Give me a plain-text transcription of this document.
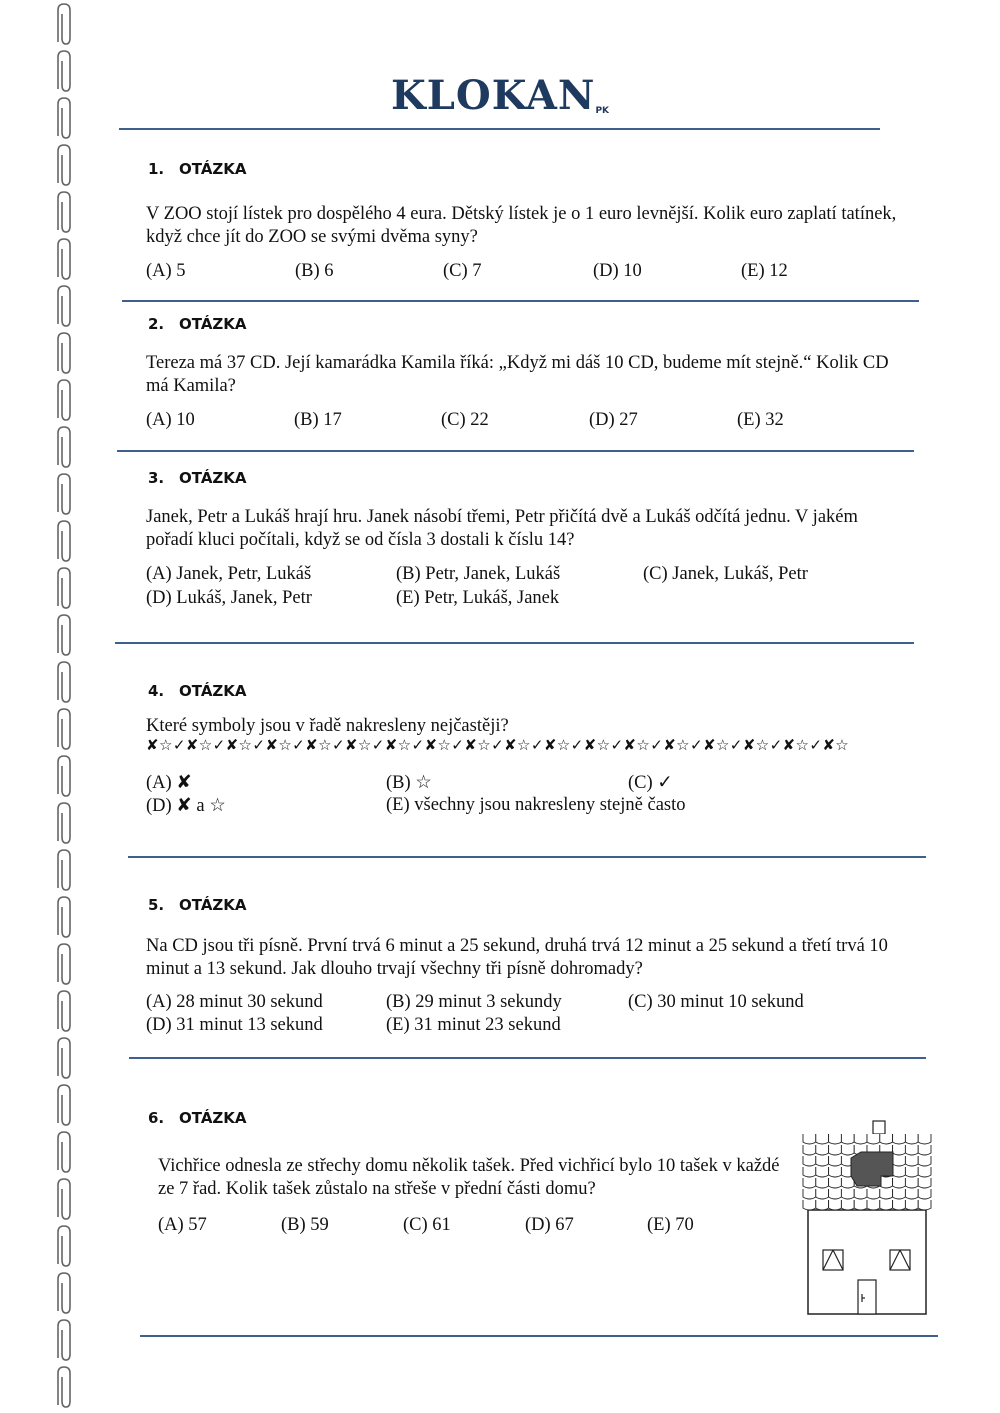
$KLOKAN_{PK}$
1. OTÁZKA

V ZOO stojí lístek pro dospělého 4 eura. Dětský lístek je o 1 euro levnější. Kolik euro zaplatí tatínek, když chce jít do ZOO se svými dvěma syny?

(A) 5	(B) 6	(C) 7	(D) 10	(E) 12
2. OTÁZKA

Tereza má 37 CD. Její kamarádka Kamila říká: „Když mi dáš 10 CD, budeme mít stejně.“ Kolik CD má Kamila?

(A) 10	(B) 17	(C) 22	(D) 27	(E) 32
3. OTÁZKA

Janek, Petr a Lukáš hrají hru. Janek násobí třemi, Petr přičítá dvě a Lukáš odčítá jednu. V jakém pořadí kluci počítali, když se od čísla 3 dostali k číslu 14?

(A) Janek, Petr, Lukáš	(B) Petr, Janek, Lukáš	(C) Janek, Lukáš, Petr
(D) Lukáš, Janek, Petr	(E) Petr, Lukáš, Janek
4. OTÁZKA

Které symboly jsou v řadě nakresleny nejčastěji?

✘☆✓✘☆✓✘☆✓✘☆✓✘☆✓✘☆✓✘☆✓✘☆✓✘☆✓✘☆✓✘☆✓✘☆✓✘☆✓✘☆✓✘☆✓✘☆✓✘☆✓✘☆
(A) ✘	(B) ☆	(C) ✓
(D) ✘ a ☆	(E) všechny jsou nakresleny stejně často
5. OTÁZKA

Na CD jsou tři písně. První trvá 6 minut a 25 sekund, druhá trvá 12 minut a 25 sekund a třetí trvá 10 minut a 13 sekund. Jak dlouho trvají všechny tři písně dohromady?

(A) 28 minut 30 sekund	(B) 29 minut 3 sekundy	(C) 30 minut 10 sekund
(D) 31 minut 13 sekund	(E) 31 minut 23 sekund
6. OTÁZKA

Vichřice odnesla ze střechy domu několik tašek. Před vichřicí bylo 10 tašek v každé ze 7 řad. Kolik tašek zůstalo na střeše v přední části domu?

(A) 57	(B) 59	(C) 61	(D) 67	(E) 70
